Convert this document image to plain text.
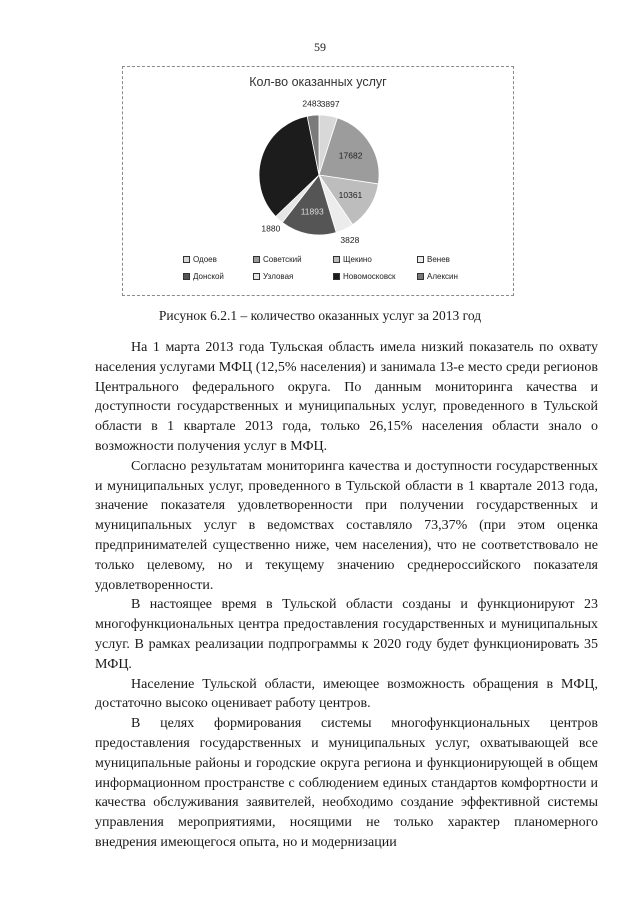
59
Кол-во оказанных услуг
2483 3897
17682
10361
3828
11893
1880
Одоев	Советский	Щекино	Венев
Донской	Узловая	Новомосковск	Алексин
Рисунок 6.2.1 – количество оказанных услуг за 2013 год

На 1 марта 2013 года Тульская область имела низкий показатель по охвату населения услугами МФЦ (12,5% населения) и занимала 13-е место среди регионов Центрального федерального округа. По данным мониторинга качества и доступности государственных и муниципальных услуг, проведенного в Тульской области в 1 квартале 2013 года, только 26,15% населения области знало о возможности получения услуг в МФЦ.

Согласно результатам мониторинга качества и доступности государственных и муниципальных услуг, проведенного в Тульской области в 1 квартале 2013 года, значение показателя удовлетворенности при получении государственных и муниципальных услуг в ведомствах составляло 73,37% (при этом оценка предпринимателей существенно ниже, чем населения), что не соответствовало не только целевому, но и текущему значению среднероссийского показателя удовлетворенности.

В настоящее время в Тульской области созданы и функционируют 23 многофункциональных центра предоставления государственных и муниципальных услуг. В рамках реализации подпрограммы к 2020 году будет функционировать 35 МФЦ.

Население Тульской области, имеющее возможность обращения в МФЦ, достаточно высоко оценивает работу центров.

В целях формирования системы многофункциональных центров предоставления государственных и муниципальных услуг, охватывающей все муниципальные районы и городские округа региона и функционирующей в общем информационном пространстве с соблюдением единых стандартов комфортности и качества обслуживания заявителей, необходимо создание эффективной системы управления мероприятиями, носящими не только характер планомерного внедрения имеющегося опыта, но и модернизации
